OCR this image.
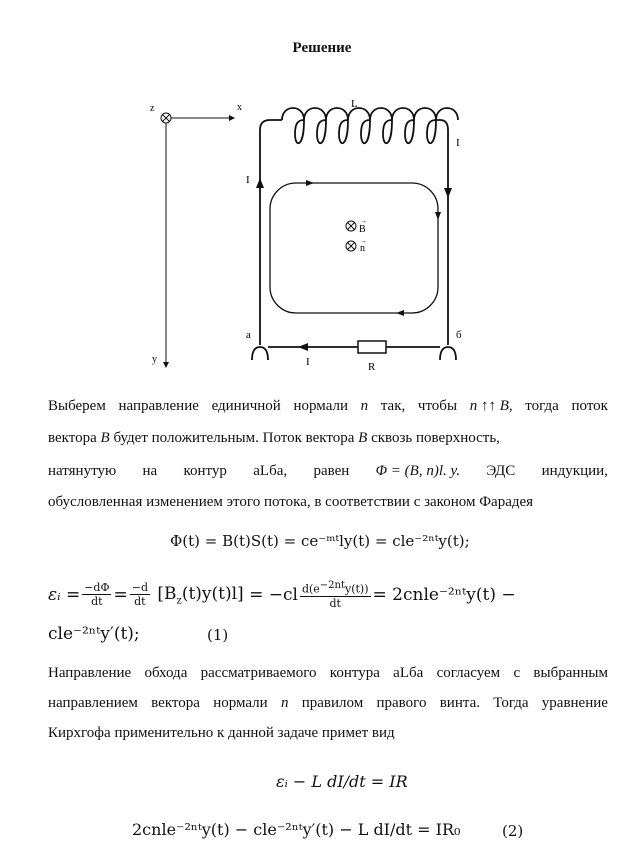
Решение
z	x
y
B
→
n
→
L
I
I
I
a	б
R
Выберем направление единичной нормали n так, чтобы n ↑↑ B, тогда поток
вектора B будет положительным. Поток вектора B сквозь поверхность,
натянутую на контур aLбa, равен Φ = (B, n)l. y. ЭДС индукции,
обусловленная изменением этого потока, в соответствии с законом Фарадея
Φ(t) = B(t)S(t) = ce⁻ᵐᵗly(t) = cle⁻²ⁿᵗy(t);
εᵢ = $\frac{-d\Phi}{dt} = \frac{-d}{dt} [B_z(t)y(t)l] = -cl \frac{d(e^{-2nt}y(t))}{dt}$ = 2cnle⁻²ⁿᵗy(t) −
cle⁻²ⁿᵗy′(t);	(1)
Направление обхода рассматриваемого контура aLбa согласуем с выбранным
направлением вектора нормали n правилом правого винта. Тогда уравнение
Кирхгофа применительно к данной задаче примет вид
εᵢ − L dI/dt = IR
2cnle⁻²ⁿᵗy(t) − cle⁻²ⁿᵗy′(t) − L dI/dt = IR₀	(2)
